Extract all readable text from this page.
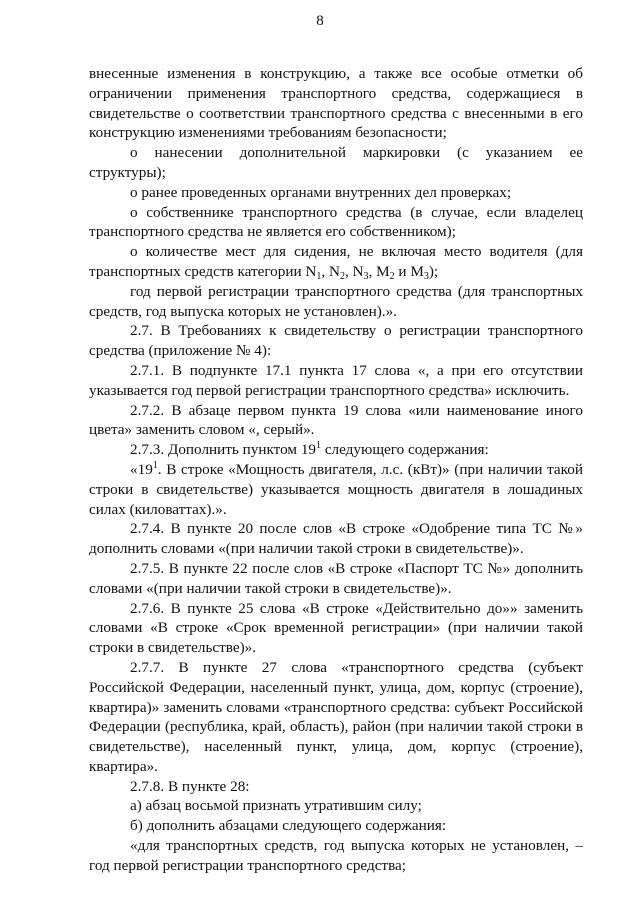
8

внесенные изменения в конструкцию, а также все особые отметки об ограничении применения транспортного средства, содержащиеся в свидетельстве о соответствии транспортного средства с внесенными в его конструкцию изменениями требованиям безопасности;

о нанесении дополнительной маркировки (с указанием ее структуры);

о ранее проведенных органами внутренних дел проверках;

о собственнике транспортного средства (в случае, если владелец транспортного средства не является его собственником);

о количестве мест для сидения, не включая место водителя (для транспортных средств категории $N_1$, $N_2$, $N_3$, $M_2$ и $M_3$);

год первой регистрации транспортного средства (для транспортных средств, год выпуска которых не установлен).».

2.7. В Требованиях к свидетельству о регистрации транспортного средства (приложение № 4):

2.7.1. В подпункте 17.1 пункта 17 слова «, а при его отсутствии указывается год первой регистрации транспортного средства» исключить.

2.7.2. В абзаце первом пункта 19 слова «или наименование иного цвета» заменить словом «, серый».

2.7.3. Дополнить пунктом $19^1$ следующего содержания:

«$19^1$. В строке «Мощность двигателя, л.с. (кВт)» (при наличии такой строки в свидетельстве) указывается мощность двигателя в лошадиных силах (киловаттах).».

2.7.4. В пункте 20 после слов «В строке «Одобрение типа ТС №» дополнить словами «(при наличии такой строки в свидетельстве)».

2.7.5. В пункте 22 после слов «В строке «Паспорт ТС №» дополнить словами «(при наличии такой строки в свидетельстве)».

2.7.6. В пункте 25 слова «В строке «Действительно до»» заменить словами «В строке «Срок временной регистрации» (при наличии такой строки в свидетельстве)».

2.7.7. В пункте 27 слова «транспортного средства (субъект Российской Федерации, населенный пункт, улица, дом, корпус (строение), квартира)» заменить словами «транспортного средства: субъект Российской Федерации (республика, край, область), район (при наличии такой строки в свидетельстве), населенный пункт, улица, дом, корпус (строение), квартира».

2.7.8. В пункте 28:

а) абзац восьмой признать утратившим силу;

б) дополнить абзацами следующего содержания:

«для транспортных средств, год выпуска которых не установлен, – год первой регистрации транспортного средства;
